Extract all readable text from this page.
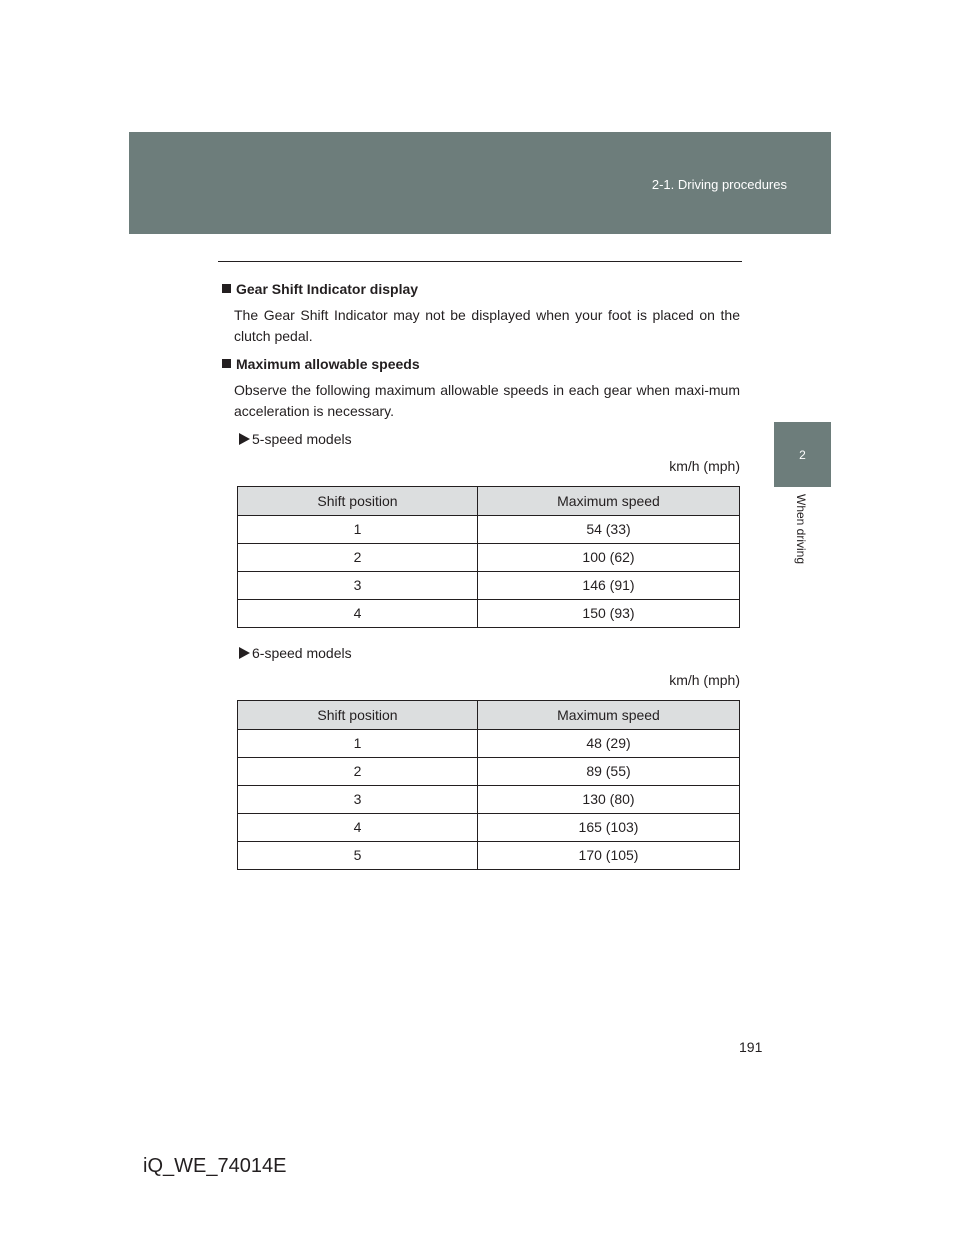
2-1. Driving procedures
2
When driving

Gear Shift Indicator display

The Gear Shift Indicator may not be displayed when your foot is placed on the clutch pedal.

Maximum allowable speeds

Observe the following maximum allowable speeds in each gear when maxi-mum acceleration is necessary.

5-speed models
km/h (mph)
Shift position	Maximum speed
1	54 (33)
2	100 (62)
3	146 (91)
4	150 (93)
6-speed models
km/h (mph)
Shift position	Maximum speed
1	48 (29)
2	89 (55)
3	130 (80)
4	165 (103)
5	170 (105)
191
iQ_WE_74014E
